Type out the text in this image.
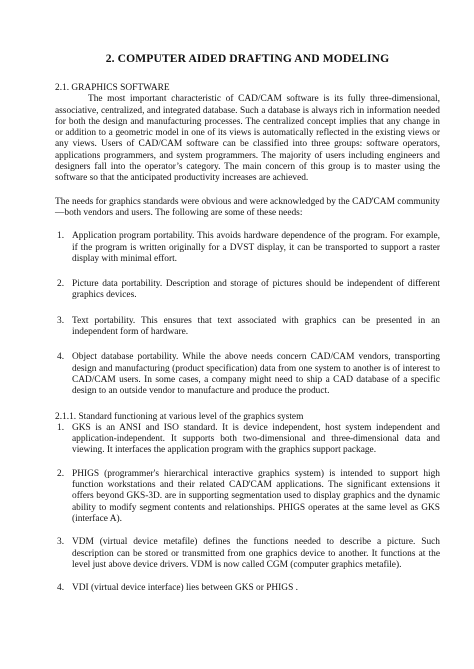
2. COMPUTER AIDED DRAFTING AND MODELING

2.1. GRAPHICS SOFTWARE

The most important characteristic of CAD/CAM software is its fully three-dimensional, associative, centralized, and integrated database. Such a database is always rich in information needed for both the design and manufacturing processes. The centralized concept implies that any change in or addition to a geometric model in one of its views is automatically reflected in the existing views or any views. Users of CAD/CAM software can be classified into three groups: software operators, applications programmers, and system programmers. The majority of users including engineers and designers fall into the operator’s category. The main concern of this group is to master using the software so that the anticipated productivity increases are achieved.

The needs for graphics standards were obvious and were acknowledged by the CAD'CAM community—both vendors and users. The following are some of these needs:

1. Application program portability. This avoids hardware dependence of the program. For example, if the program is written originally for a DVST display, it can be transported to support a raster display with minimal effort.
2. Picture data portability. Description and storage of pictures should be independent of different graphics devices.
3. Text portability. This ensures that text associated with graphics can be presented in an independent form of hardware.
4. Object database portability. While the above needs concern CAD/CAM vendors, transporting design and manufacturing (product specification) data from one system to another is of interest to CAD/CAM users. In some cases, a company might need to ship a CAD database of a specific design to an outside vendor to manufacture and produce the product.

2.1.1. Standard functioning at various level of the graphics system

1. GKS is an ANSI and ISO standard. It is device independent, host system independent and application-independent. It supports both two-dimensional and three-dimensional data and viewing. It interfaces the application program with the graphics support package.
2. PHIGS (programmer's hierarchical interactive graphics system) is intended to support high function workstations and their related CAD'CAM applications. The significant extensions it offers beyond GKS-3D. are in supporting segmentation used to display graphics and the dynamic ability to modify segment contents and relationships. PHIGS operates at the same level as GKS (interface A).
3. VDM (virtual device metafile) defines the functions needed to describe a picture. Such description can be stored or transmitted from one graphics device to another. It functions at the level just above device drivers. VDM is now called CGM (computer graphics metafile).
4. VDI (virtual device interface) lies between GKS or PHIGS .
